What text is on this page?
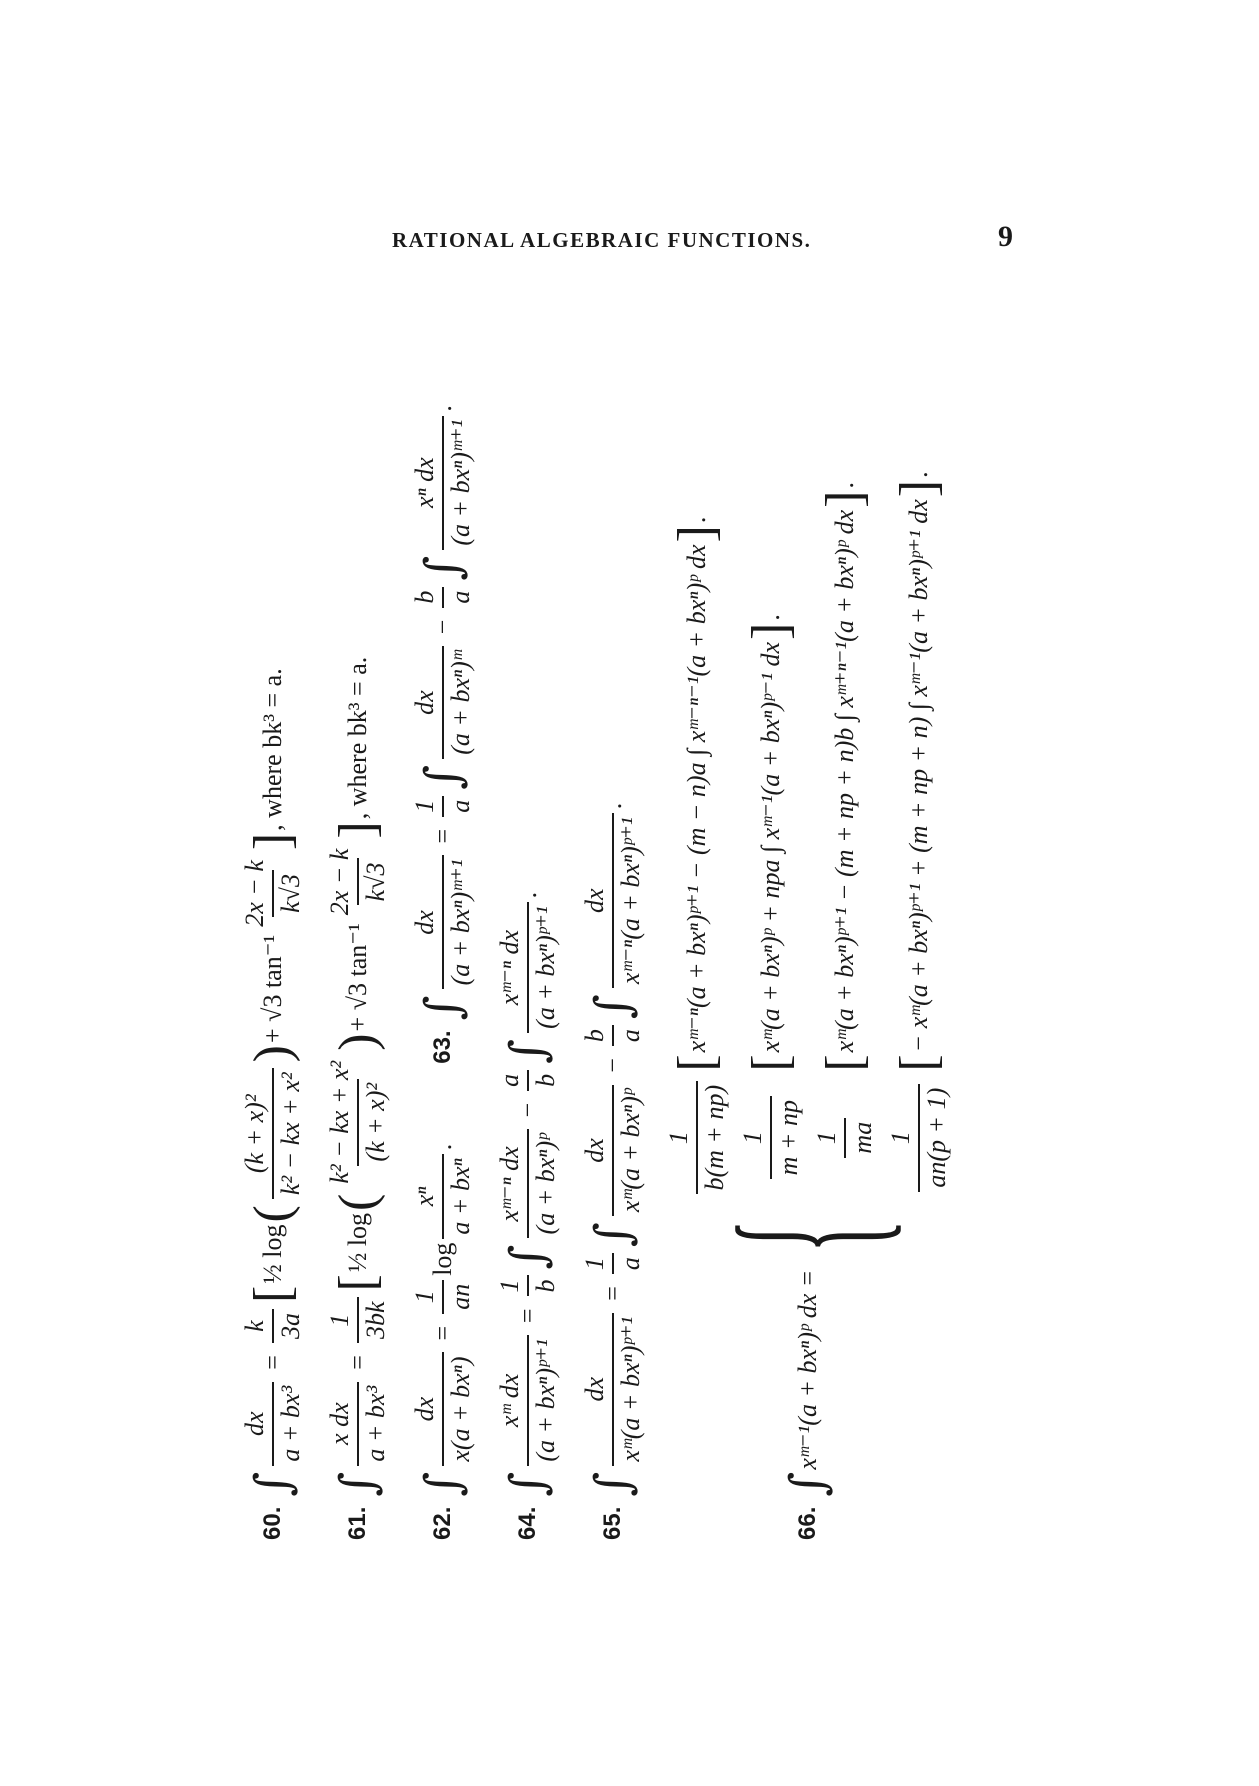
RATIONAL ALGEBRAIC FUNCTIONS.	9
60.
∫
dx a + bx³
=
k 3a
[
½ log
(
(k + x)² k² − kx + x²
)
+ √3 tan⁻¹
2x − k k√3
]
, where bk³ = a.
61.
∫
x dx a + bx³
=
1 3bk
[
½ log
(
k² − kx + x² (k + x)²
)
+ √3 tan⁻¹
2x − k k√3
]
, where bk³ = a.
62.
∫
dx x(a + bxⁿ)
=
1 an
log
xⁿ a + bxⁿ
.
63.
∫
dx (a + bxⁿ)ᵐ⁺¹
=
1 a
∫
dx (a + bxⁿ)ᵐ
−
b a
∫
xⁿ dx (a + bxⁿ)ᵐ⁺¹
.
64.
∫
xᵐ dx (a + bxⁿ)ᵖ⁺¹
=
1 b
∫
xᵐ⁻ⁿ dx (a + bxⁿ)ᵖ
−
a b
∫
xᵐ⁻ⁿ dx (a + bxⁿ)ᵖ⁺¹
.
65.
∫
dx xᵐ(a + bxⁿ)ᵖ⁺¹
=
1 a
∫
dx xᵐ(a + bxⁿ)ᵖ
−
b a
∫
dx xᵐ⁻ⁿ(a + bxⁿ)ᵖ⁺¹
.
66.
∫
xᵐ⁻¹(a + bxⁿ)ᵖ dx =
{
1 b(m + np)
[
xᵐ⁻ⁿ(a + bxⁿ)ᵖ⁺¹ − (m − n)a ∫ xᵐ⁻ⁿ⁻¹(a + bxⁿ)ᵖ dx
]
.
1 m + np
[
xᵐ(a + bxⁿ)ᵖ + npa ∫ xᵐ⁻¹(a + bxⁿ)ᵖ⁻¹ dx
]
.
1 ma
[
xᵐ(a + bxⁿ)ᵖ⁺¹ − (m + np + n)b ∫ xᵐ⁺ⁿ⁻¹(a + bxⁿ)ᵖ dx
]
.
1 an(p + 1)
[
− xᵐ(a + bxⁿ)ᵖ⁺¹ + (m + np + n) ∫ xᵐ⁻¹(a + bxⁿ)ᵖ⁺¹ dx
]
.
